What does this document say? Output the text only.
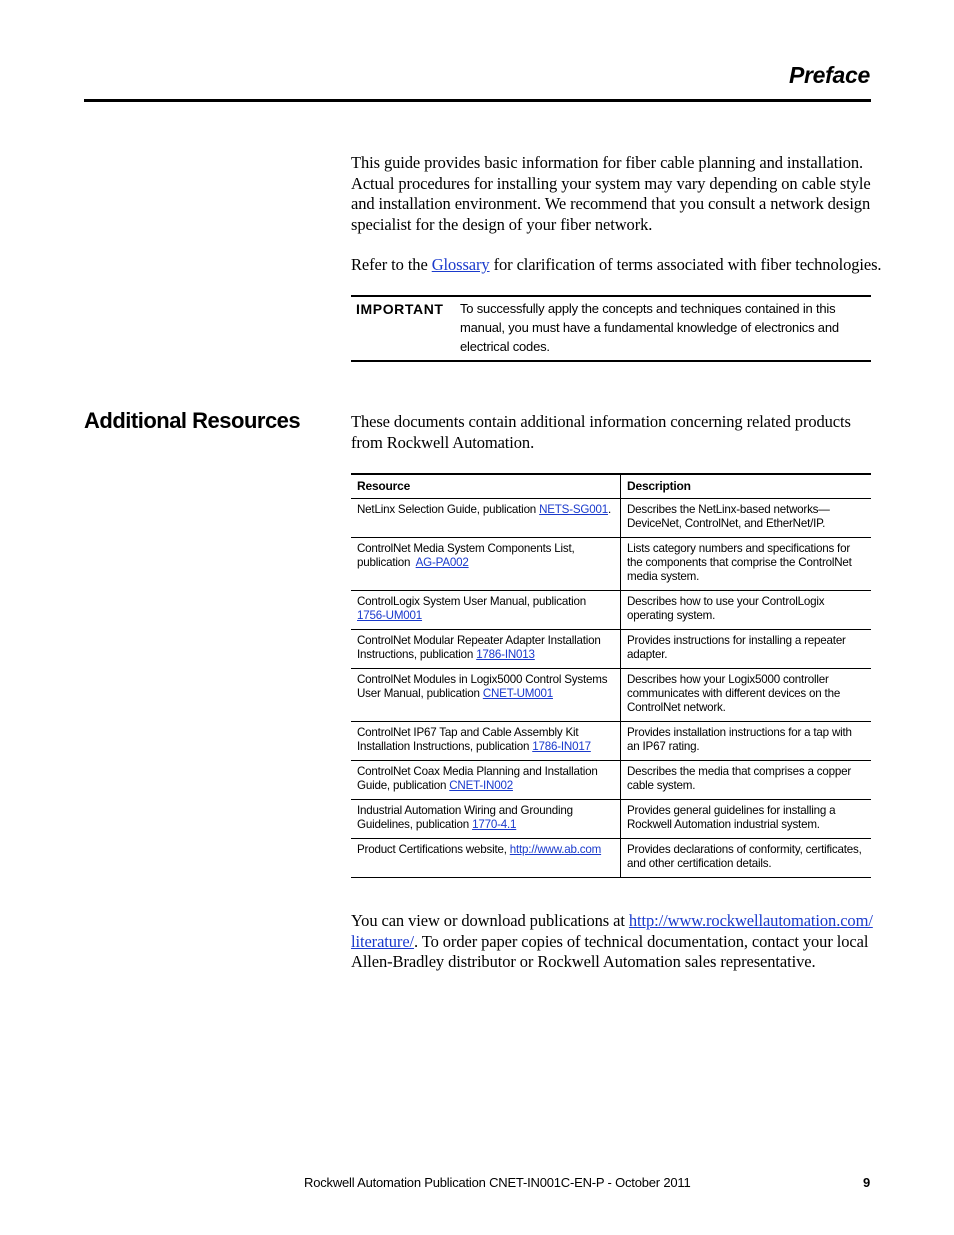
Preface

This guide provides basic information for fiber cable planning and installation. Actual procedures for installing your system may vary depending on cable style and installation environment. We recommend that you consult a network design specialist for the design of your fiber network.

Refer to the Glossary for clarification of terms associated with fiber technologies.

IMPORTANT To successfully apply the concepts and techniques contained in this manual, you must have a fundamental knowledge of electronics and electrical codes.
Additional Resources	These documents contain additional information concerning related products from Rockwell Automation.

Resource	Description
NetLinx Selection Guide, publication NETS-SG001.	Describes the NetLinx-based networks—DeviceNet, ControlNet, and EtherNet/IP.
ControlNet Media System Components List, publication  AG-PA002	Lists category numbers and specifications for the components that comprise the ControlNet media system.
ControlLogix System User Manual, publication 1756-UM001	Describes how to use your ControlLogix operating system.
ControlNet Modular Repeater Adapter Installation Instructions, publication 1786-IN013	Provides instructions for installing a repeater adapter.
ControlNet Modules in Logix5000 Control Systems User Manual, publication CNET-UM001	Describes how your Logix5000 controller communicates with different devices on the ControlNet network.
ControlNet IP67 Tap and Cable Assembly Kit Installation Instructions, publication 1786-IN017	Provides installation instructions for a tap with an IP67 rating.
ControlNet Coax Media Planning and Installation Guide, publication CNET-IN002	Describes the media that comprises a copper cable system.
Industrial Automation Wiring and Grounding Guidelines, publication 1770-4.1	Provides general guidelines for installing a Rockwell Automation industrial system.
Product Certifications website, http://www.ab.com	Provides declarations of conformity, certificates, and other certification details.

You can view or download publications at http://www.rockwellautomation.com/literature/. To order paper copies of technical documentation, contact your local Allen-Bradley distributor or Rockwell Automation sales representative.

Rockwell Automation Publication CNET-IN001C-EN-P - October 2011	9
